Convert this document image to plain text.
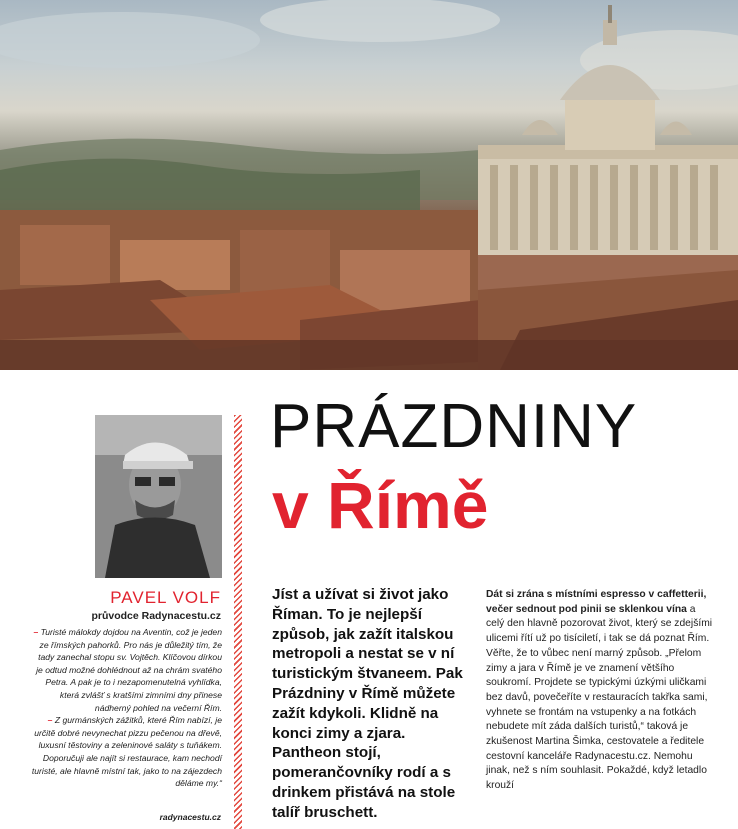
PRÁZDNINY
v Římě
PAVEL VOLF
průvodce Radynacestu.cz

– Turisté málokdy dojdou na Aventin, což je jeden ze římských pahorků. Pro nás je důležitý tím, že tady zanechal stopu sv. Vojtěch. Klíčovou dírkou je odtud možné dohlédnout až na chrám svatého Petra. A pak je to i nezapomenutelná vyhlídka, která zvlášť s kratšími zimními dny přinese nádherný pohled na večerní Řím.

– Z gurmánských zážitků, které Řím nabízí, je určitě dobré nevynechat pizzu pečenou na dřevě, luxusní těstoviny a zeleninové saláty s tuňákem. Doporučuji ale najít si restaurace, kam nechodí turisté, ale hlavně místní tak, jako to na zájezdech děláme my.“

radynacestu.cz

Jíst a užívat si život jako Říman. To je nejlepší způsob, jak zažít italskou metropoli a nestat se v ní turistickým štvaneem. Pak Prázdniny v Římě můžete zažít kdykoli. Klidně na konci zimy a zjara. Pantheon stojí, pomerančovníky rodí a s drinkem přistává na stole talíř bruschett.

Dát si zrána s místními espresso v caffetterii, večer sednout pod pinii se sklenkou vína a celý den hlavně pozorovat život, který se zdejšími ulicemi řítí už po tisíciletí, i tak se dá poznat Řím. Věřte, že to vůbec není marný způsob. „Přelom zimy a jara v Římě je ve znamení většího soukromí. Projdete se typickými úzkými uličkami bez davů, povečeříte v restauracích takřka sami, vyhnete se frontám na vstupenky a na fotkách nebudete mít záda dalších turistů,“ taková je zkušenost Martina Šimka, cestovatele a ředitele cestovní kanceláře Radynacestu.cz. Nemohu jinak, než s ním souhlasit. Pokaždé, když letadlo krouží
